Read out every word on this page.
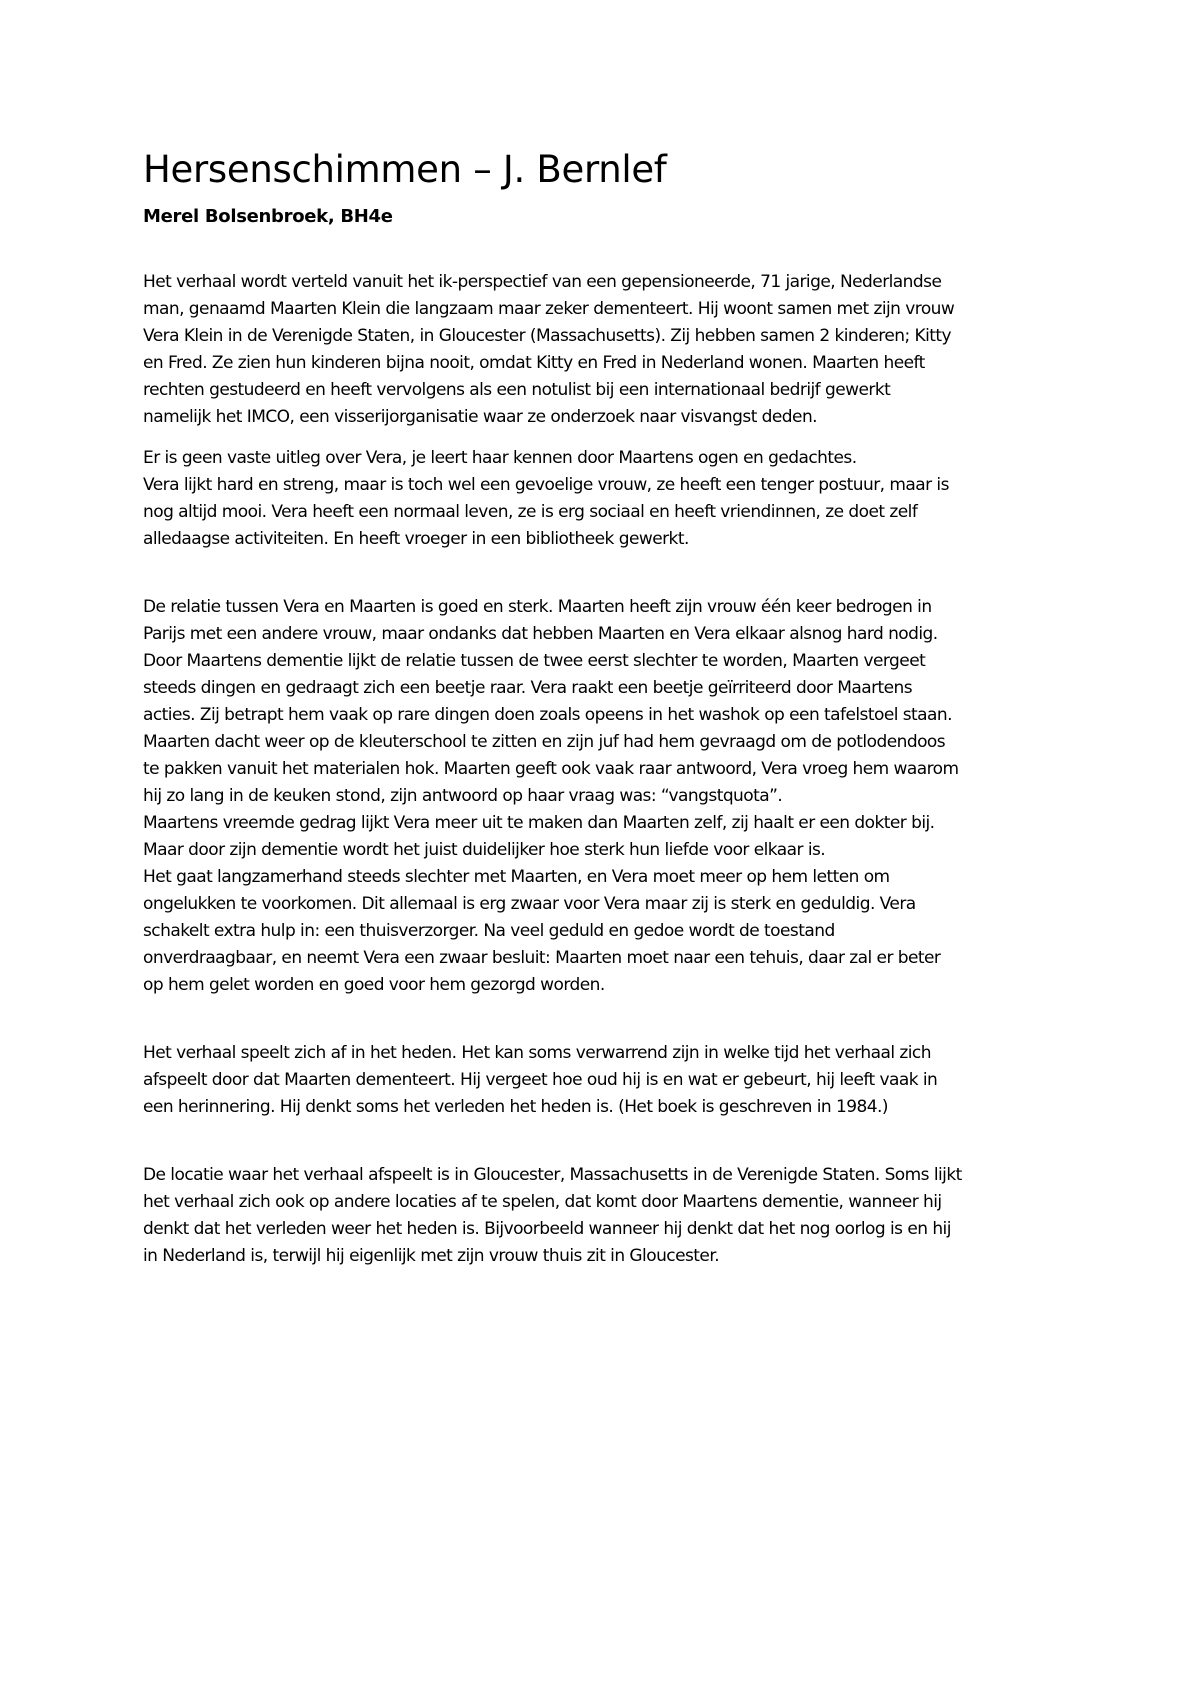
Hersenschimmen – J. Bernlef

Merel Bolsenbroek, BH4e

Het verhaal wordt verteld vanuit het ik-perspectief van een gepensioneerde, 71 jarige, Nederlandse

man, genaamd Maarten Klein die langzaam maar zeker dementeert. Hij woont samen met zijn vrouw

Vera Klein in de Verenigde Staten, in Gloucester (Massachusetts). Zij hebben samen 2 kinderen; Kitty

en Fred. Ze zien hun kinderen bijna nooit, omdat Kitty en Fred in Nederland wonen. Maarten heeft

rechten gestudeerd en heeft vervolgens als een notulist bij een internationaal bedrijf gewerkt

namelijk het IMCO, een visserijorganisatie waar ze onderzoek naar visvangst deden.

Er is geen vaste uitleg over Vera, je leert haar kennen door Maartens ogen en gedachtes.

Vera lijkt hard en streng, maar is toch wel een gevoelige vrouw, ze heeft een tenger postuur, maar is

nog altijd mooi. Vera heeft een normaal leven, ze is erg sociaal en heeft vriendinnen, ze doet zelf

alledaagse activiteiten. En heeft vroeger in een bibliotheek gewerkt.

De relatie tussen Vera en Maarten is goed en sterk. Maarten heeft zijn vrouw één keer bedrogen in

Parijs met een andere vrouw, maar ondanks dat hebben Maarten en Vera elkaar alsnog hard nodig.

Door Maartens dementie lijkt de relatie tussen de twee eerst slechter te worden, Maarten vergeet

steeds dingen en gedraagt zich een beetje raar. Vera raakt een beetje geïrriteerd door Maartens

acties. Zij betrapt hem vaak op rare dingen doen zoals opeens in het washok op een tafelstoel staan.

Maarten dacht weer op de kleuterschool te zitten en zijn juf had hem gevraagd om de potlodendoos

te pakken vanuit het materialen hok. Maarten geeft ook vaak raar antwoord, Vera vroeg hem waarom

hij zo lang in de keuken stond, zijn antwoord op haar vraag was: “vangstquota”.

Maartens vreemde gedrag lijkt Vera meer uit te maken dan Maarten zelf, zij haalt er een dokter bij.

Maar door zijn dementie wordt het juist duidelijker hoe sterk hun liefde voor elkaar is.

Het gaat langzamerhand steeds slechter met Maarten, en Vera moet meer op hem letten om

ongelukken te voorkomen. Dit allemaal is erg zwaar voor Vera maar zij is sterk en geduldig. Vera

schakelt extra hulp in: een thuisverzorger. Na veel geduld en gedoe wordt de toestand

onverdraagbaar, en neemt Vera een zwaar besluit: Maarten moet naar een tehuis, daar zal er beter

op hem gelet worden en goed voor hem gezorgd worden.

Het verhaal speelt zich af in het heden. Het kan soms verwarrend zijn in welke tijd het verhaal zich

afspeelt door dat Maarten dementeert. Hij vergeet hoe oud hij is en wat er gebeurt, hij leeft vaak in

een herinnering. Hij denkt soms het verleden het heden is. (Het boek is geschreven in 1984.)

De locatie waar het verhaal afspeelt is in Gloucester, Massachusetts in de Verenigde Staten. Soms lijkt

het verhaal zich ook op andere locaties af te spelen, dat komt door Maartens dementie, wanneer hij

denkt dat het verleden weer het heden is. Bijvoorbeeld wanneer hij denkt dat het nog oorlog is en hij

in Nederland is, terwijl hij eigenlijk met zijn vrouw thuis zit in Gloucester.
